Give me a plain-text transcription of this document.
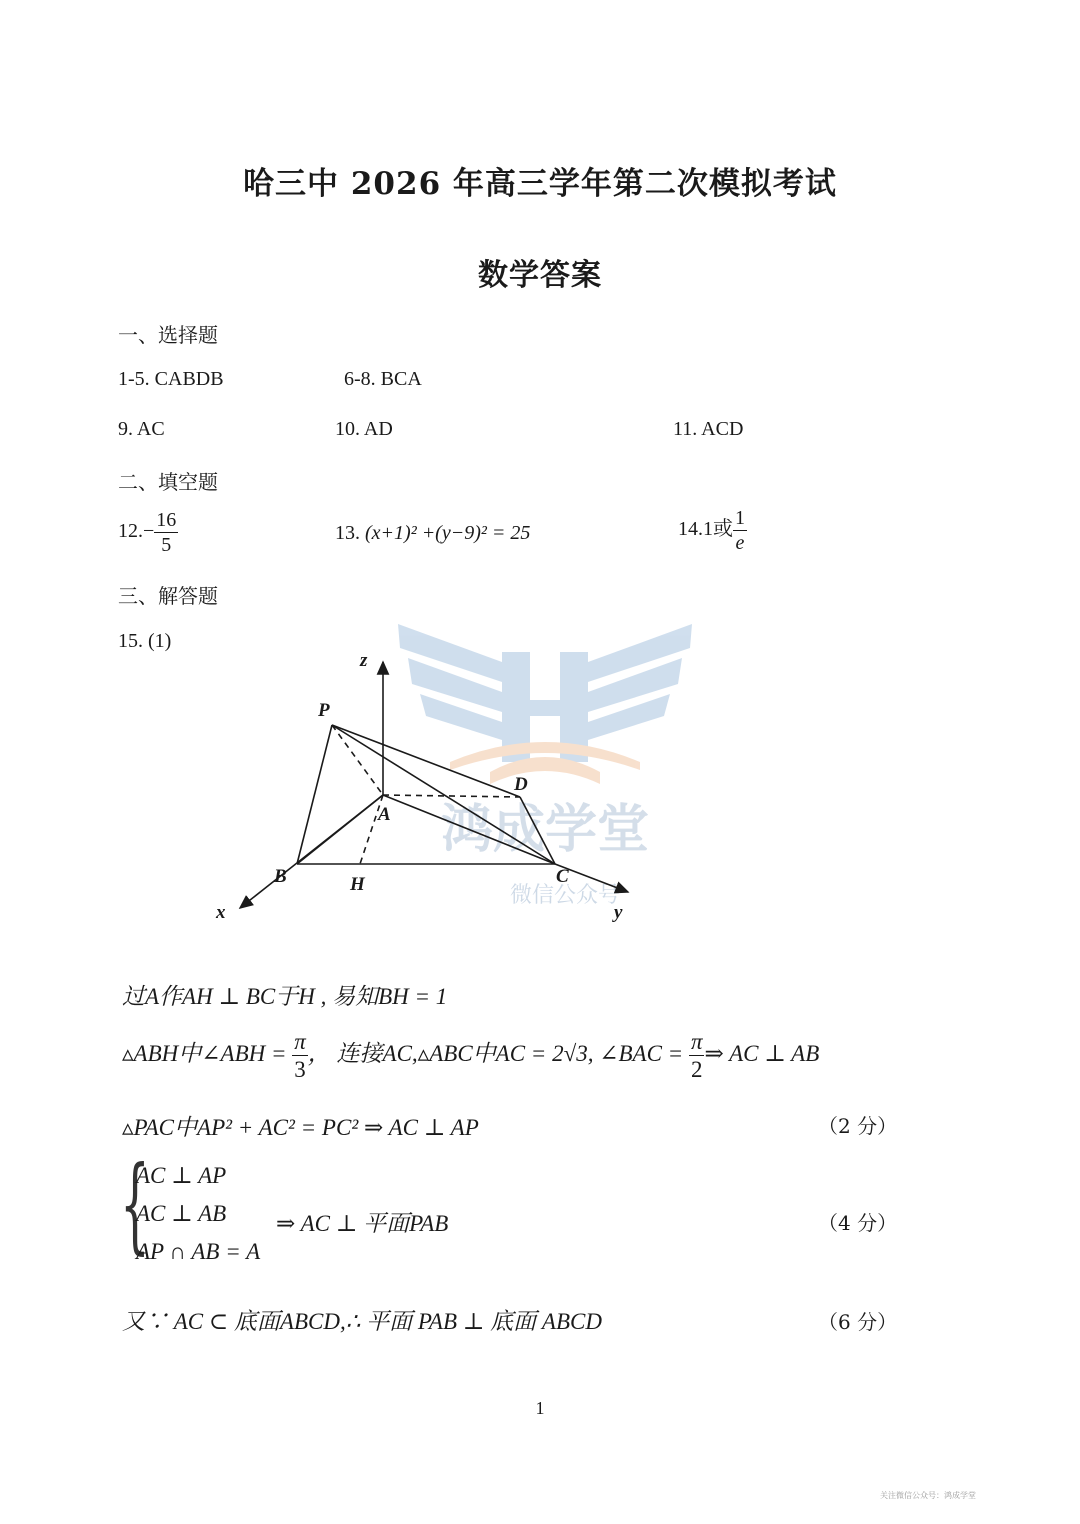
哈三中 2026 年高三学年第二次模拟考试
数学答案
一、选择题
1-5. CABDB	6-8. BCA
9. AC	10. AD	11. ACD
二、填空题
$12.- \frac{16}{5}$	13. (x+1)² +(y−9)² = 25	14.1或 $\frac{1}{e}$
三、解答题
15. (1)
鸿成学堂
微信公众号
z
P
D
A
B	H	C
x	y
过A作AH ⊥ BC于H , 易知BH = 1
▵ABH中∠ABH = $\frac{\pi}{3}$ ， 连接AC,▵ABC中AC = 2√3, ∠BAC = $\frac{\pi}{2}$ ⇒ AC ⊥ AB
▵PAC中AP² + AC² = PC² ⇒ AC ⊥ AP	（2 分）
{
AC ⊥ AP
AC ⊥ AB
AP ∩ AB = A
⇒ AC ⊥ 平面PAB	（4 分）
又∵ AC ⊂ 底面ABCD,∴ 平面 PAB ⊥ 底面 ABCD	（6 分）
1
关注微信公众号：鸿成学堂
